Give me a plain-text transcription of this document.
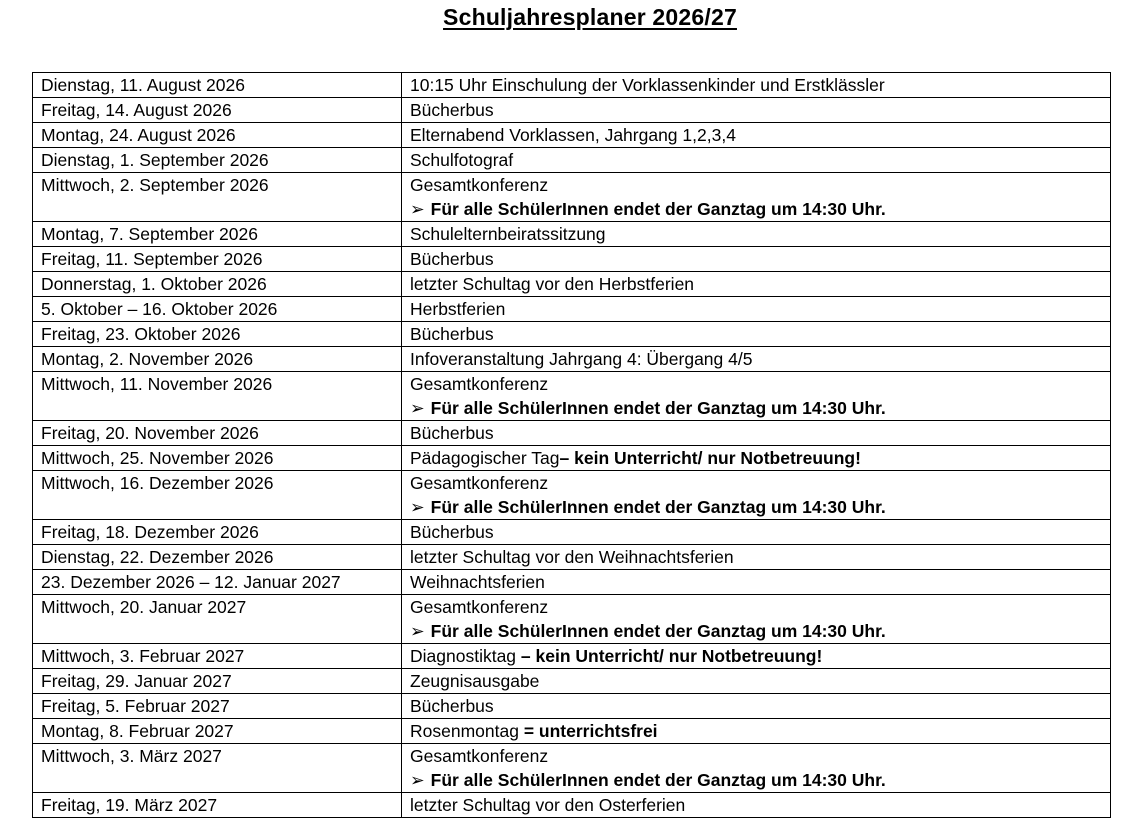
Schuljahresplaner 2026/27
Dienstag, 11. August 2026	10:15 Uhr Einschulung der Vorklassenkinder und Erstklässler

Freitag, 14. August 2026	Bücherbus

Montag, 24. August 2026	Elternabend Vorklassen, Jahrgang 1,2,3,4

Dienstag, 1. September 2026	Schulfotograf

Mittwoch, 2. September 2026	Gesamtkonferenz
➢ Für alle SchülerInnen endet der Ganztag um 14:30 Uhr.

Montag, 7. September 2026	Schulelternbeiratssitzung

Freitag, 11. September 2026	Bücherbus

Donnerstag, 1. Oktober 2026	letzter Schultag vor den Herbstferien

5. Oktober – 16. Oktober 2026	Herbstferien

Freitag, 23. Oktober 2026	Bücherbus

Montag, 2. November 2026	Infoveranstaltung Jahrgang 4: Übergang 4/5

Mittwoch, 11. November 2026	Gesamtkonferenz
➢ Für alle SchülerInnen endet der Ganztag um 14:30 Uhr.

Freitag, 20. November 2026	Bücherbus

Mittwoch, 25. November 2026	Pädagogischer Tag– kein Unterricht/ nur Notbetreuung!

Mittwoch, 16. Dezember 2026	Gesamtkonferenz
➢ Für alle SchülerInnen endet der Ganztag um 14:30 Uhr.

Freitag, 18. Dezember 2026	Bücherbus

Dienstag, 22. Dezember 2026	letzter Schultag vor den Weihnachtsferien

23. Dezember 2026 – 12. Januar 2027	Weihnachtsferien

Mittwoch, 20. Januar 2027	Gesamtkonferenz
➢ Für alle SchülerInnen endet der Ganztag um 14:30 Uhr.

Mittwoch, 3. Februar 2027	Diagnostiktag – kein Unterricht/ nur Notbetreuung!

Freitag, 29. Januar 2027	Zeugnisausgabe

Freitag, 5. Februar 2027	Bücherbus

Montag, 8. Februar 2027	Rosenmontag = unterrichtsfrei

Mittwoch, 3. März 2027	Gesamtkonferenz
➢ Für alle SchülerInnen endet der Ganztag um 14:30 Uhr.

Freitag, 19. März 2027	letzter Schultag vor den Osterferien
